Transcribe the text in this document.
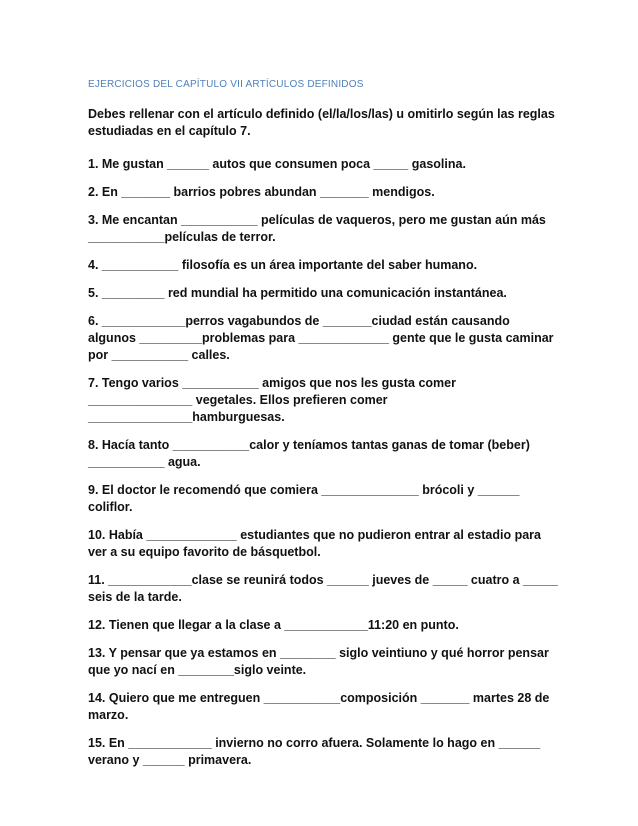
EJERCICIOS DEL CAPÍTULO VII ARTÍCULOS DEFINIDOS
Debes rellenar con el artículo definido (el/la/los/las) u omitirlo según las reglas estudiadas en el capítulo 7.
1. Me gustan ______ autos que consumen poca _____ gasolina.
2. En _______ barrios pobres abundan _______ mendigos.
3. Me encantan ___________ películas de vaqueros, pero me gustan aún más ___________películas de terror.
4. ___________ filosofía es un área importante del saber humano.
5. _________ red mundial ha permitido una comunicación instantánea.
6. ____________perros vagabundos de _______ciudad están causando algunos _________problemas para _____________ gente que le gusta caminar por ___________ calles.
7. Tengo varios ___________ amigos que nos les gusta comer _______________ vegetales. Ellos prefieren comer _______________hamburguesas.
8. Hacía tanto ___________calor y teníamos tantas ganas de tomar (beber) ___________ agua.
9. El doctor le recomendó que comiera ______________ brócoli y ______ coliflor.
10. Había _____________ estudiantes que no pudieron entrar al estadio para ver a su equipo favorito de básquetbol.
11. ____________clase se reunirá todos ______ jueves de _____ cuatro a _____ seis de la tarde.
12. Tienen que llegar a la clase a ____________11:20 en punto.
13. Y pensar que ya estamos en ________ siglo veintiuno y qué horror pensar que yo nací en ________siglo veinte.
14. Quiero que me entreguen ___________composición _______ martes 28 de marzo.
15. En ____________ invierno no corro afuera. Solamente lo hago en ______ verano y ______ primavera.
